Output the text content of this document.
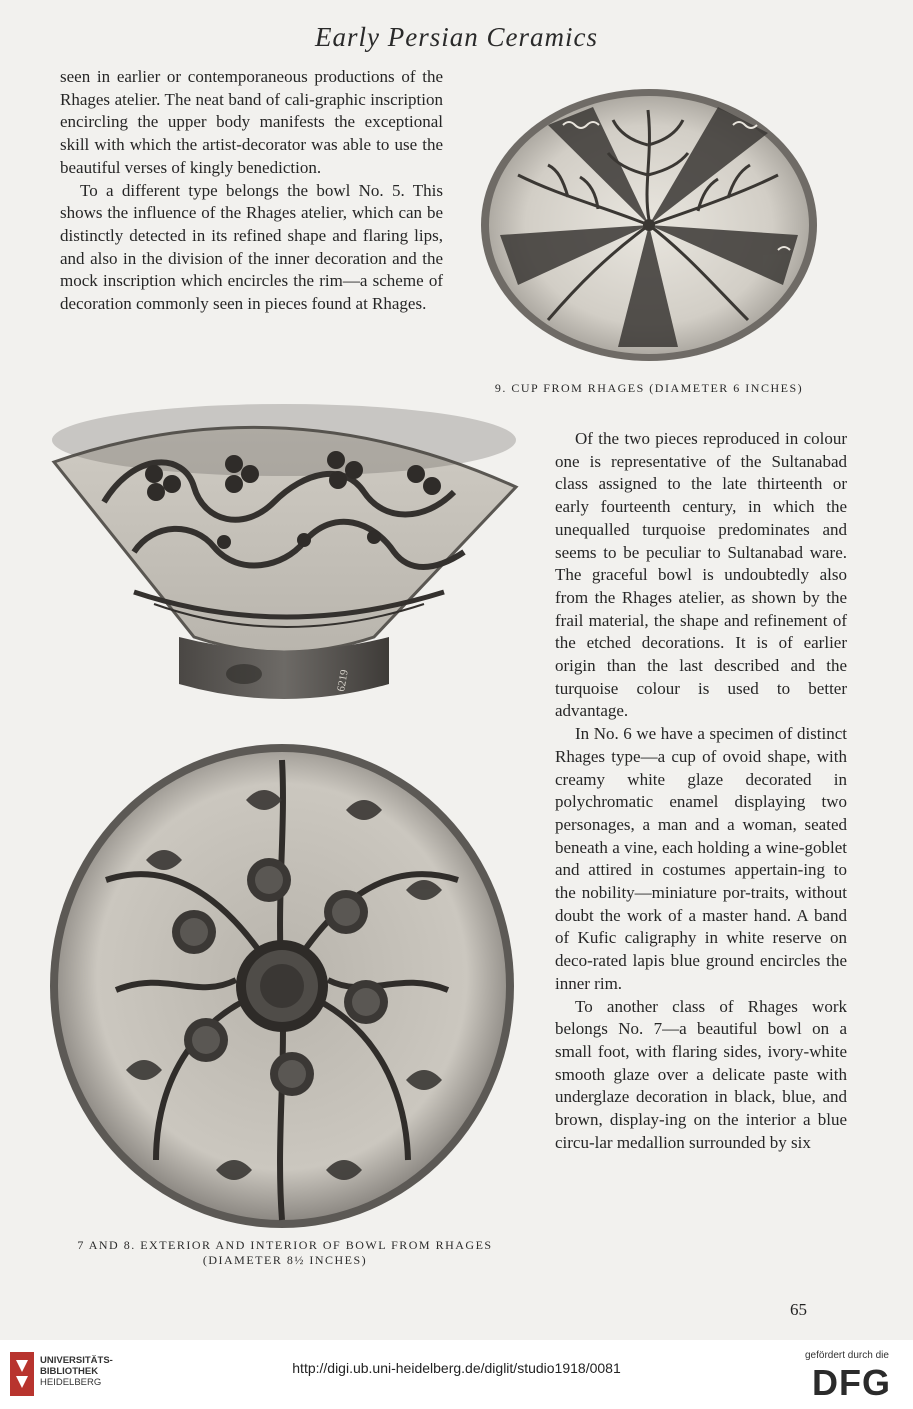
Early Persian Ceramics

seen in earlier or contemporaneous productions of the Rhages atelier. The neat band of cali-graphic inscription encircling the upper body manifests the exceptional skill with which the artist-decorator was able to use the beautiful verses of kingly benediction.

To a different type belongs the bowl No. 5. This shows the influence of the Rhages atelier, which can be distinctly detected in its refined shape and flaring lips, and also in the division of the inner decoration and the mock inscription which encircles the rim—a scheme of decoration commonly seen in pieces found at Rhages.

9. CUP FROM RHAGES (DIAMETER 6 INCHES)
6219
7 AND 8. EXTERIOR AND INTERIOR OF BOWL FROM RHAGES
(DIAMETER 8½ INCHES)

Of the two pieces reproduced in colour one is representative of the Sultanabad class assigned to the late thirteenth or early fourteenth century, in which the unequalled turquoise predominates and seems to be peculiar to Sultanabad ware. The graceful bowl is undoubtedly also from the Rhages atelier, as shown by the frail material, the shape and refinement of the etched decorations. It is of earlier origin than the last described and the turquoise colour is used to better advantage.

In No. 6 we have a specimen of distinct Rhages type—a cup of ovoid shape, with creamy white glaze decorated in polychromatic enamel displaying two personages, a man and a woman, seated beneath a vine, each holding a wine-goblet and attired in costumes appertain-ing to the nobility—miniature por-traits, without doubt the work of a master hand. A band of Kufic caligraphy in white reserve on deco-rated lapis blue ground encircles the inner rim.

To another class of Rhages work belongs No. 7—a beautiful bowl on a small foot, with flaring sides, ivory-white smooth glaze over a delicate paste with underglaze decoration in black, blue, and brown, display-ing on the interior a blue circu-lar medallion surrounded by six

65
UNIVERSITÄTS-
BIBLIOTHEK
HEIDELBERG
http://digi.ub.uni-heidelberg.de/diglit/studio1918/0081
gefördert durch die
DFG
